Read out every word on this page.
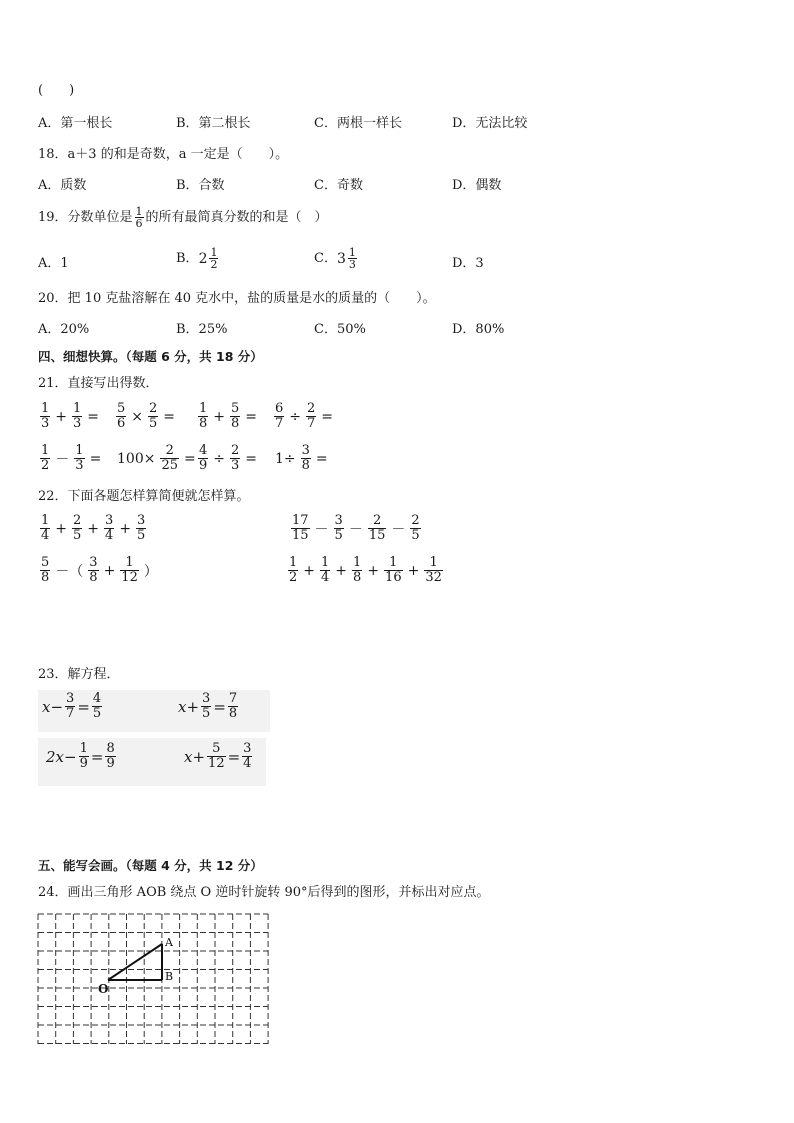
(　　)
A．第一根长	B．第二根长	C．两根一样长	D．无法比较
18．a＋3 的和是奇数，a 一定是（　　）。
A．质数	B．合数	C．奇数	D．偶数
19．分数单位是 $\frac{1}{6}$ 的所有最简真分数的和是（　）
A．1	B． $2 \frac{1}{2}$	C． $3 \frac{1}{3}$	D．3
20．把 10 克盐溶解在 40 克水中，盐的质量是水的质量的（　　）。
A．20%	B．25%	C．50%	D．80%
四、细想快算。（每题 6 分，共 18 分）
21．直接写出得数．
$\frac{1}{3} + \frac{1}{3} = \frac{5}{6} \times \frac{2}{5} = \frac{1}{8} + \frac{5}{8} = \frac{6}{7} \div \frac{2}{7}$ =
$\frac{1}{2} - \frac{1}{3} = 100\times \frac{2}{25} = \frac{4}{9} \div \frac{2}{3} = 1\div \frac{3}{8}$ =
22．下面各题怎样算简便就怎样算。
$\frac{1}{4} + \frac{2}{5} + \frac{3}{4} + \frac{3}{5}$	$\frac{17}{15} - \frac{3}{5} - \frac{2}{15} - \frac{2}{5}$
$\frac{5}{8}$ －（ $\frac{3}{8} + \frac{1}{12}$ ）	$\frac{1}{2} + \frac{1}{4} + \frac{1}{8} + \frac{1}{16} + \frac{1}{32}$
23．解方程．
$x - \frac{3}{7} = \frac{4}{5}$	$x + \frac{3}{5} = \frac{7}{8}$
$2x - \frac{1}{9} = \frac{8}{9}$	$x + \frac{5}{12} = \frac{3}{4}$
五、能写会画。（每题 4 分，共 12 分）
24．画出三角形 AOB 绕点 O 逆时针旋转 90°后得到的图形，并标出对应点。
A
B
O
